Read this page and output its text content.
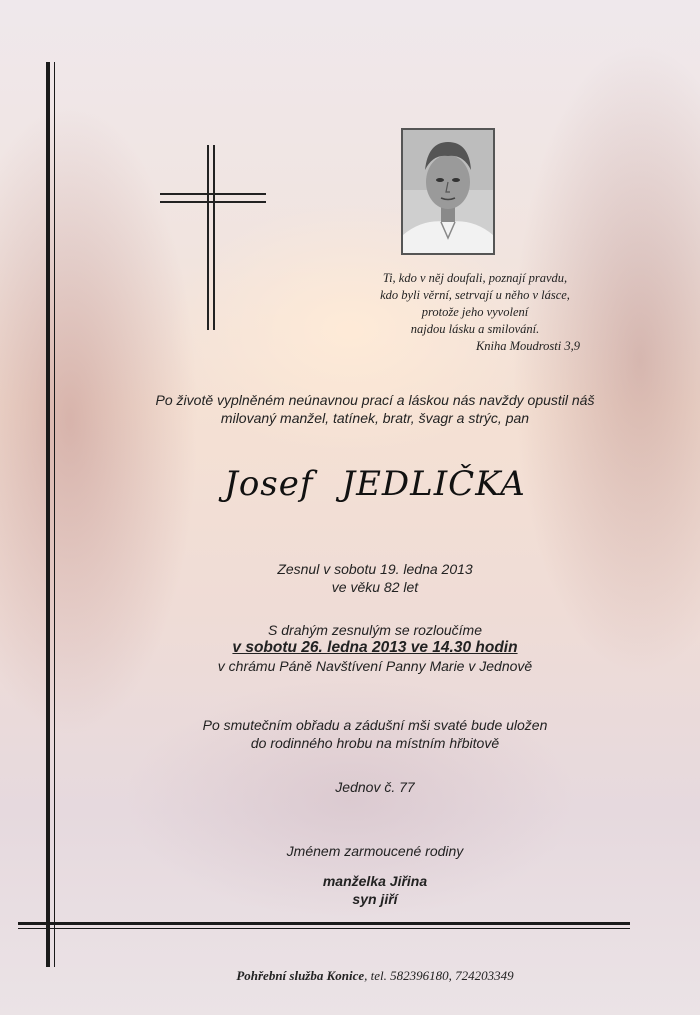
Ti, kdo v něj doufali, poznají pravdu,
kdo byli věrní, setrvají u něho v lásce,
protože jeho vyvolení
najdou lásku a smilování.
Kniha Moudrosti 3,9
Po životě vyplněném neúnavnou prací a láskou nás navždy opustil náš
milovaný manžel, tatínek, bratr, švagr a strýc, pan
Josef JEDLIČKA
Zesnul v sobotu 19. ledna 2013
ve věku 82 let
S drahým zesnulým se rozloučíme
v sobotu 26. ledna 2013 ve 14.30 hodin
v chrámu Páně Navštívení Panny Marie v Jednově
Po smutečním obřadu a zádušní mši svaté bude uložen
do rodinného hrobu na místním hřbitově
Jednov č. 77
Jménem zarmoucené rodiny
manželka Jiřina
syn jiří
Pohřební služba Konice, tel. 582396180, 724203349
